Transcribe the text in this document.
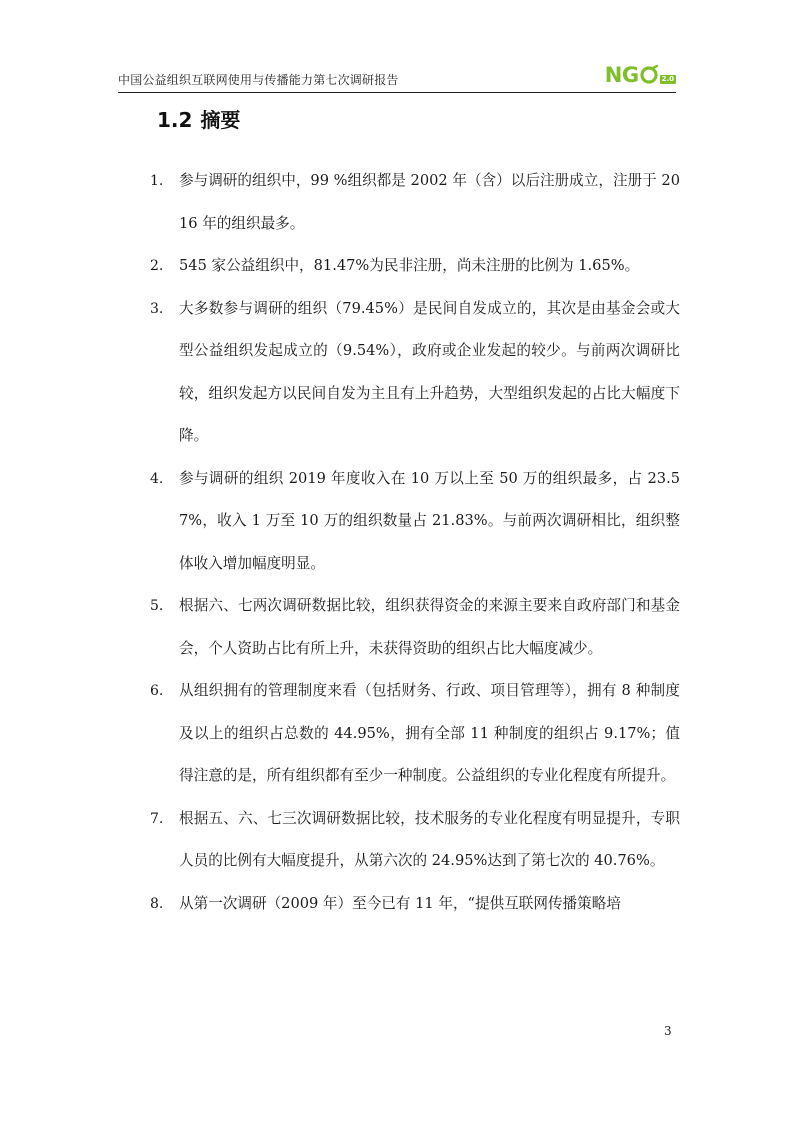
中国公益组织互联网使用与传播能力第七次调研报告	NG	2.0
1.2 摘要
1. 参与调研的组织中，99 %组织都是 2002 年（含）以后注册成立，注册于 2016 年的组织最多。
2. 545 家公益组织中，81.47%为民非注册，尚未注册的比例为 1.65%。
3. 大多数参与调研的组织（79.45%）是民间自发成立的，其次是由基金会或大型公益组织发起成立的（9.54%），政府或企业发起的较少。与前两次调研比较，组织发起方以民间自发为主且有上升趋势，大型组织发起的占比大幅度下降。
4. 参与调研的组织 2019 年度收入在 10 万以上至 50 万的组织最多，占 23.57%，收入 1 万至 10 万的组织数量占 21.83%。与前两次调研相比，组织整体收入增加幅度明显。
5. 根据六、七两次调研数据比较，组织获得资金的来源主要来自政府部门和基金会，个人资助占比有所上升，未获得资助的组织占比大幅度减少。
6. 从组织拥有的管理制度来看（包括财务、行政、项目管理等），拥有 8 种制度及以上的组织占总数的 44.95%，拥有全部 11 种制度的组织占 9.17%；值得注意的是，所有组织都有至少一种制度。公益组织的专业化程度有所提升。
7. 根据五、六、七三次调研数据比较，技术服务的专业化程度有明显提升，专职人员的比例有大幅度提升，从第六次的 24.95%达到了第七次的 40.76%。
8. 从第一次调研（2009 年）至今已有 11 年，“提供互联网传播策略培
3
